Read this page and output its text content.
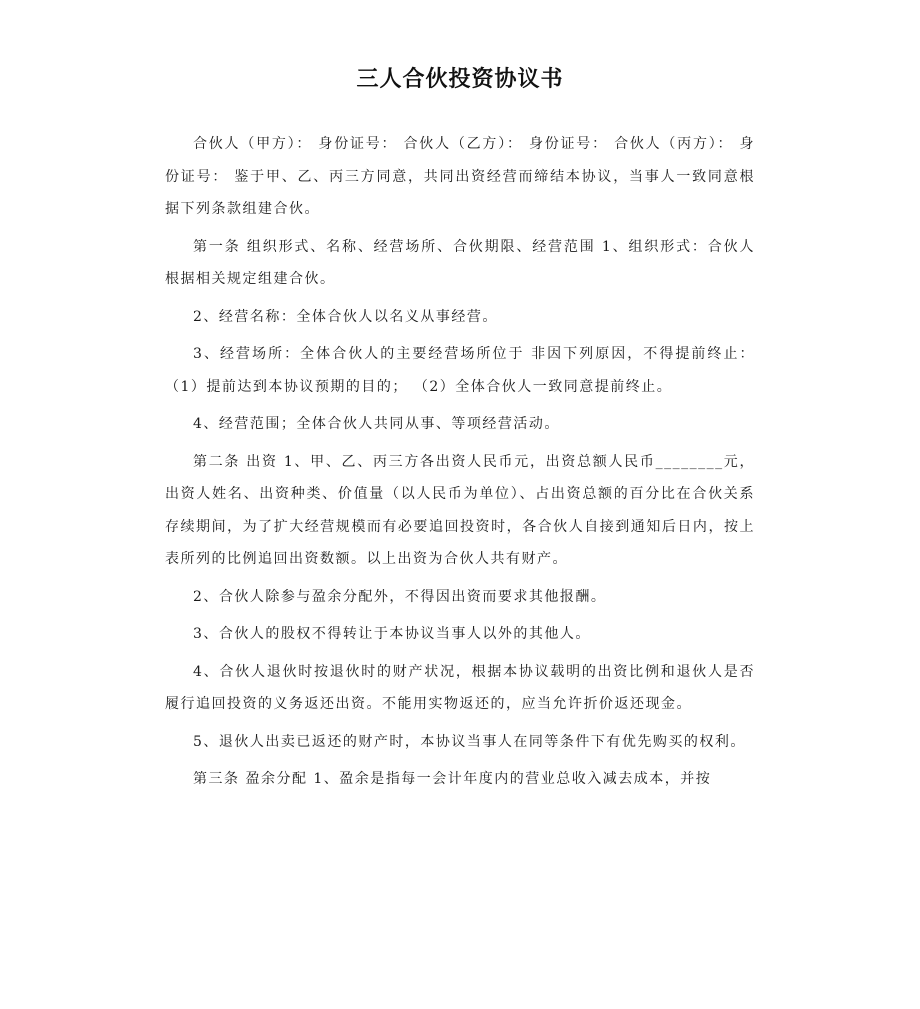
三人合伙投资协议书

合伙人（甲方）： 身份证号： 合伙人（乙方）： 身份证号： 合伙人（丙方）： 身份证号： 鉴于甲、乙、丙三方同意，共同出资经营而缔结本协议，当事人一致同意根据下列条款组建合伙。

第一条 组织形式、名称、经营场所、合伙期限、经营范围 1、组织形式：合伙人根据相关规定组建合伙。

2、经营名称：全体合伙人以名义从事经营。

3、经营场所：全体合伙人的主要经营场所位于 非因下列原因，不得提前终止：（1）提前达到本协议预期的目的； （2）全体合伙人一致同意提前终止。

4、经营范围；全体合伙人共同从事、等项经营活动。

第二条 出资 1、甲、乙、丙三方各出资人民币元，出资总额人民币________元， 出资人姓名、出资种类、价值量（以人民币为单位）、占出资总额的百分比在合伙关系存续期间，为了扩大经营规模而有必要追回投资时，各合伙人自接到通知后日内，按上表所列的比例追回出资数额。以上出资为合伙人共有财产。

2、合伙人除参与盈余分配外，不得因出资而要求其他报酬。

3、合伙人的股权不得转让于本协议当事人以外的其他人。

4、合伙人退伙时按退伙时的财产状况，根据本协议载明的出资比例和退伙人是否履行追回投资的义务返还出资。不能用实物返还的，应当允许折价返还现金。

5、退伙人出卖已返还的财产时，本协议当事人在同等条件下有优先购买的权利。

第三条 盈余分配 1、盈余是指每一会计年度内的营业总收入减去成本，并按
